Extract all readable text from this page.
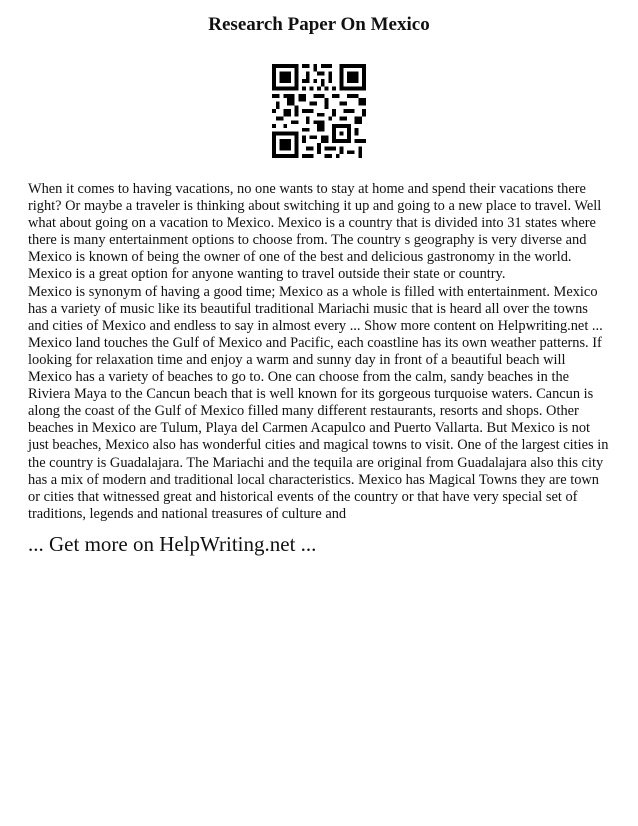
Research Paper On Mexico

When it comes to having vacations, no one wants to stay at home and spend their vacations there right? Or maybe a traveler is thinking about switching it up and going to a new place to travel. Well what about going on a vacation to Mexico. Mexico is a country that is divided into 31 states where there is many entertainment options to choose from. The country s geography is very diverse and Mexico is known of being the owner of one of the best and delicious gastronomy in the world. Mexico is a great option for anyone wanting to travel outside their state or country.

Mexico is synonym of having a good time; Mexico as a whole is filled with entertainment. Mexico has a variety of music like its beautiful traditional Mariachi music that is heard all over the towns and cities of Mexico and endless to say in almost every ... Show more content on Helpwriting.net ...

Mexico land touches the Gulf of Mexico and Pacific, each coastline has its own weather patterns. If looking for relaxation time and enjoy a warm and sunny day in front of a beautiful beach will Mexico has a variety of beaches to go to. One can choose from the calm, sandy beaches in the Riviera Maya to the Cancun beach that is well known for its gorgeous turquoise waters. Cancun is along the coast of the Gulf of Mexico filled many different restaurants, resorts and shops. Other beaches in Mexico are Tulum, Playa del Carmen Acapulco and Puerto Vallarta. But Mexico is not just beaches, Mexico also has wonderful cities and magical towns to visit. One of the largest cities in the country is Guadalajara. The Mariachi and the tequila are original from Guadalajara also this city has a mix of modern and traditional local characteristics. Mexico has Magical Towns they are town or cities that witnessed great and historical events of the country or that have very special set of traditions, legends and national treasures of culture and

... Get more on HelpWriting.net ...
